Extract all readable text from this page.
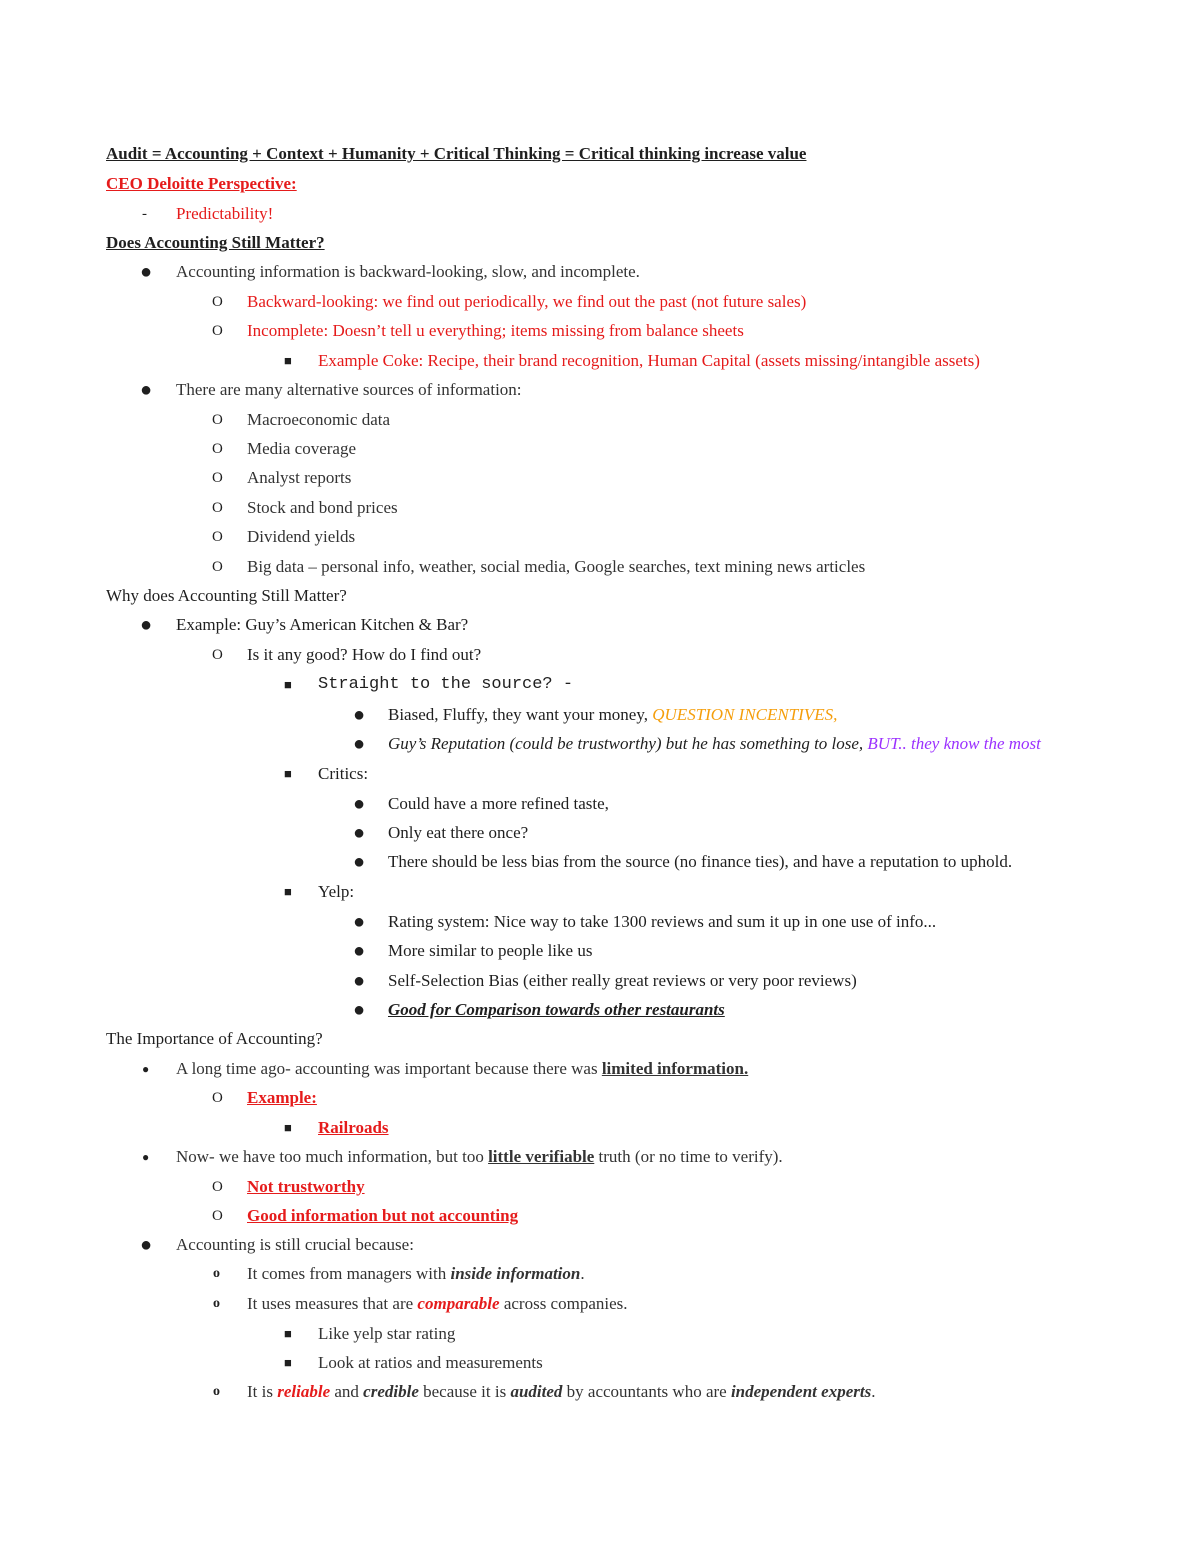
Audit = Accounting + Context + Humanity + Critical Thinking = Critical thinking increase value
CEO Deloitte Perspective:
- Predictability!
Does Accounting Still Matter?
● Accounting information is backward-looking, slow, and incomplete.
O Backward-looking: we find out periodically, we find out the past (not future sales)
O Incomplete: Doesn’t tell u everything; items missing from balance sheets
■ Example Coke: Recipe, their brand recognition, Human Capital (assets missing/intangible assets)
● There are many alternative sources of information:
O Macroeconomic data
O Media coverage
O Analyst reports
O Stock and bond prices
O Dividend yields
O Big data – personal info, weather, social media, Google searches, text mining news articles
Why does Accounting Still Matter?
● Example: Guy’s American Kitchen & Bar?
O Is it any good? How do I find out?
■ Straight to the source? -
● Biased, Fluffy, they want your money, QUESTION INCENTIVES,
● Guy’s Reputation (could be trustworthy) but he has something to lose, BUT.. they know the most
■ Critics:
● Could have a more refined taste,
● Only eat there once?
● There should be less bias from the source (no finance ties), and have a reputation to uphold.
■ Yelp:
● Rating system: Nice way to take 1300 reviews and sum it up in one use of info...
● More similar to people like us
● Self-Selection Bias (either really great reviews or very poor reviews)
● Good for Comparison towards other restaurants
The Importance of Accounting?
● A long time ago- accounting was important because there was limited information.
O Example:
■ Railroads
● Now- we have too much information, but too little verifiable truth (or no time to verify).
O Not trustworthy
O Good information but not accounting
● Accounting is still crucial because:
o It comes from managers with inside information.
o It uses measures that are comparable across companies.
■ Like yelp star rating
■ Look at ratios and measurements
o It is reliable and credible because it is audited by accountants who are independent experts.
